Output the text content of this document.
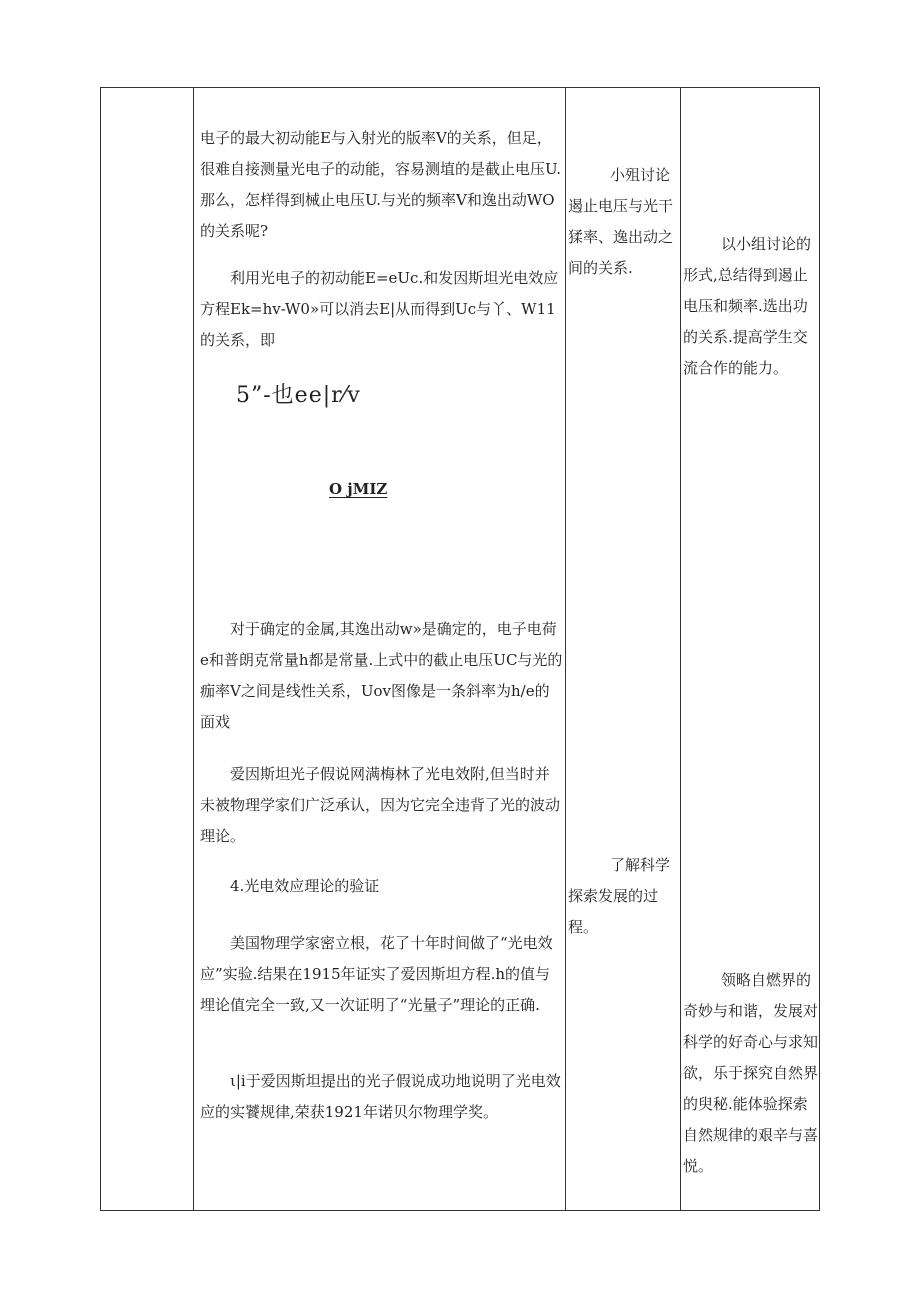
电子的最大初动能E与入射光的版率V的关系，但足，很难自接测量光电子的动能，容易测埴的是截止电压U.那么，怎样得到械止电压U.与光的频率V和逸出动WO的关系呢?
利用光电子的初动能E=eUc.和发因斯坦光电效应方程Ek=hv-W0»可以消去E|从而得到Uc与丫、W11的关系，即
5”-也ee|r⁄v
O jMIZ
对于确定的金属,其逸出动w»是确定的，电子电荷e和普朗克常量h都是常量.上式中的截止电压UC与光的痂率V之间是线性关系，Uov图像是一条斜率为h/e的面戏
爱因斯坦光子假说网满梅林了光电效附,但当时并未被物理学家们广泛承认，因为它完全违背了光的波动理论。
4.光电效应理论的验证
美国物理学家密立根，花了十年时间做了“光电效应”实验.结果在1915年证实了爱因斯坦方程.h的值与埋论值完全一致,又一次证明了“光量子”理论的正确.
ι|i于爱因斯坦提出的光子假说成功地说明了光电效应的实饕规律,荣获1921年诺贝尔物理学奖。
小殂讨论遏止电压与光干猱率、逸出动之间的关系.
了解科学探索发展的过程。
以小组讨论的形式,总结得到遏止电压和频率.选出功的关系.提高学生交流合作的能力。
领略自燃界的奇妙与和谐，发展对科学的好奇心与求知欲，乐于探究自然界的臾秘.能体验探索自然规律的艰辛与喜悦。
